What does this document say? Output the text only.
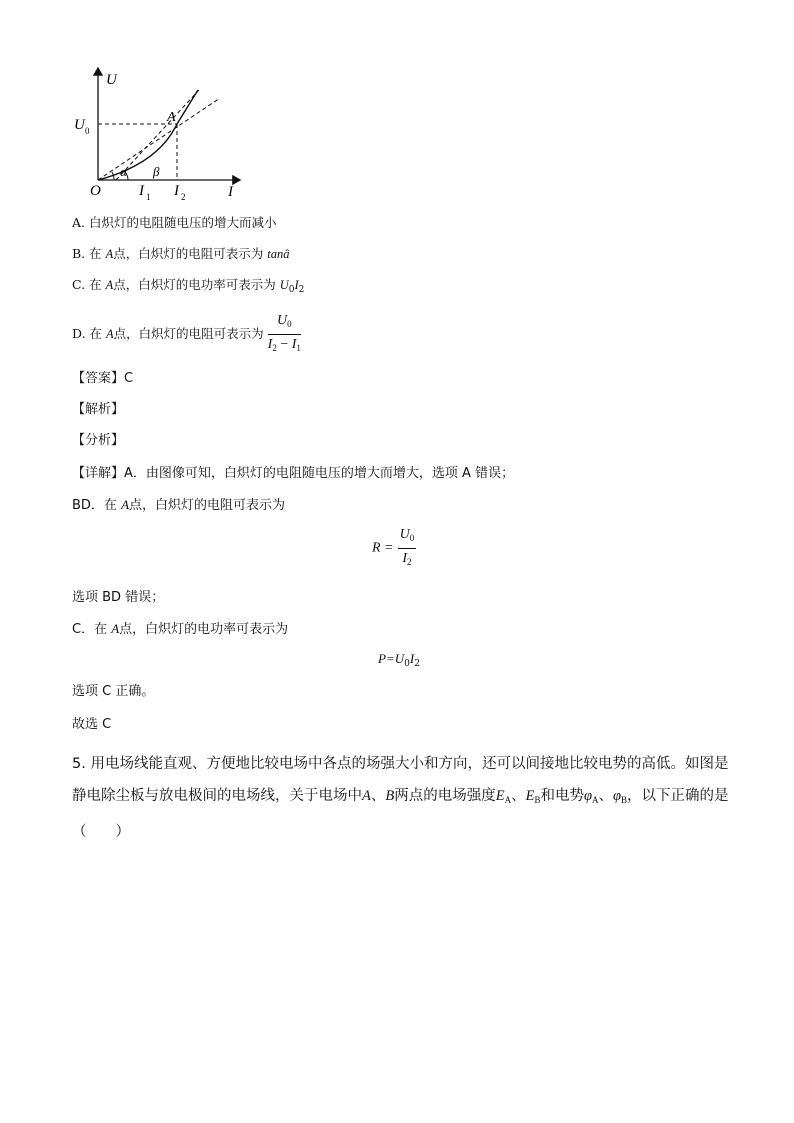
U
I
O
U 0
A
α β
I 1 I 2
A. 白炽灯的电阻随电压的增大而减小
B. 在 A点，白炽灯的电阻可表示为 tanâ
C. 在 A点，白炽灯的电功率可表示为 $U_0I_2$
D. 在 A点，白炽灯的电阻可表示为 $\frac{U_0}{I_2 - I_1}$
【答案】C
【解析】
【分析】
【详解】A．由图像可知，白炽灯的电阻随电压的增大而增大，选项 A 错误；
BD．在 A点，白炽灯的电阻可表示为
$R = \frac{U_0}{I_2}$
选项 BD 错误；
C．在 A点，白炽灯的电功率可表示为
$P=U_0I_2$
选项 C 正确。
故选 C
5. 用电场线能直观、方便地比较电场中各点的场强大小和方向，还可以间接地比较电势的高低。如图是静电除尘板与放电极间的电场线，关于电场中A、B两点的电场强度$E_A$、$E_B$和电势$\varphi_A$、$\varphi_B$，以下正确的是（　　）
